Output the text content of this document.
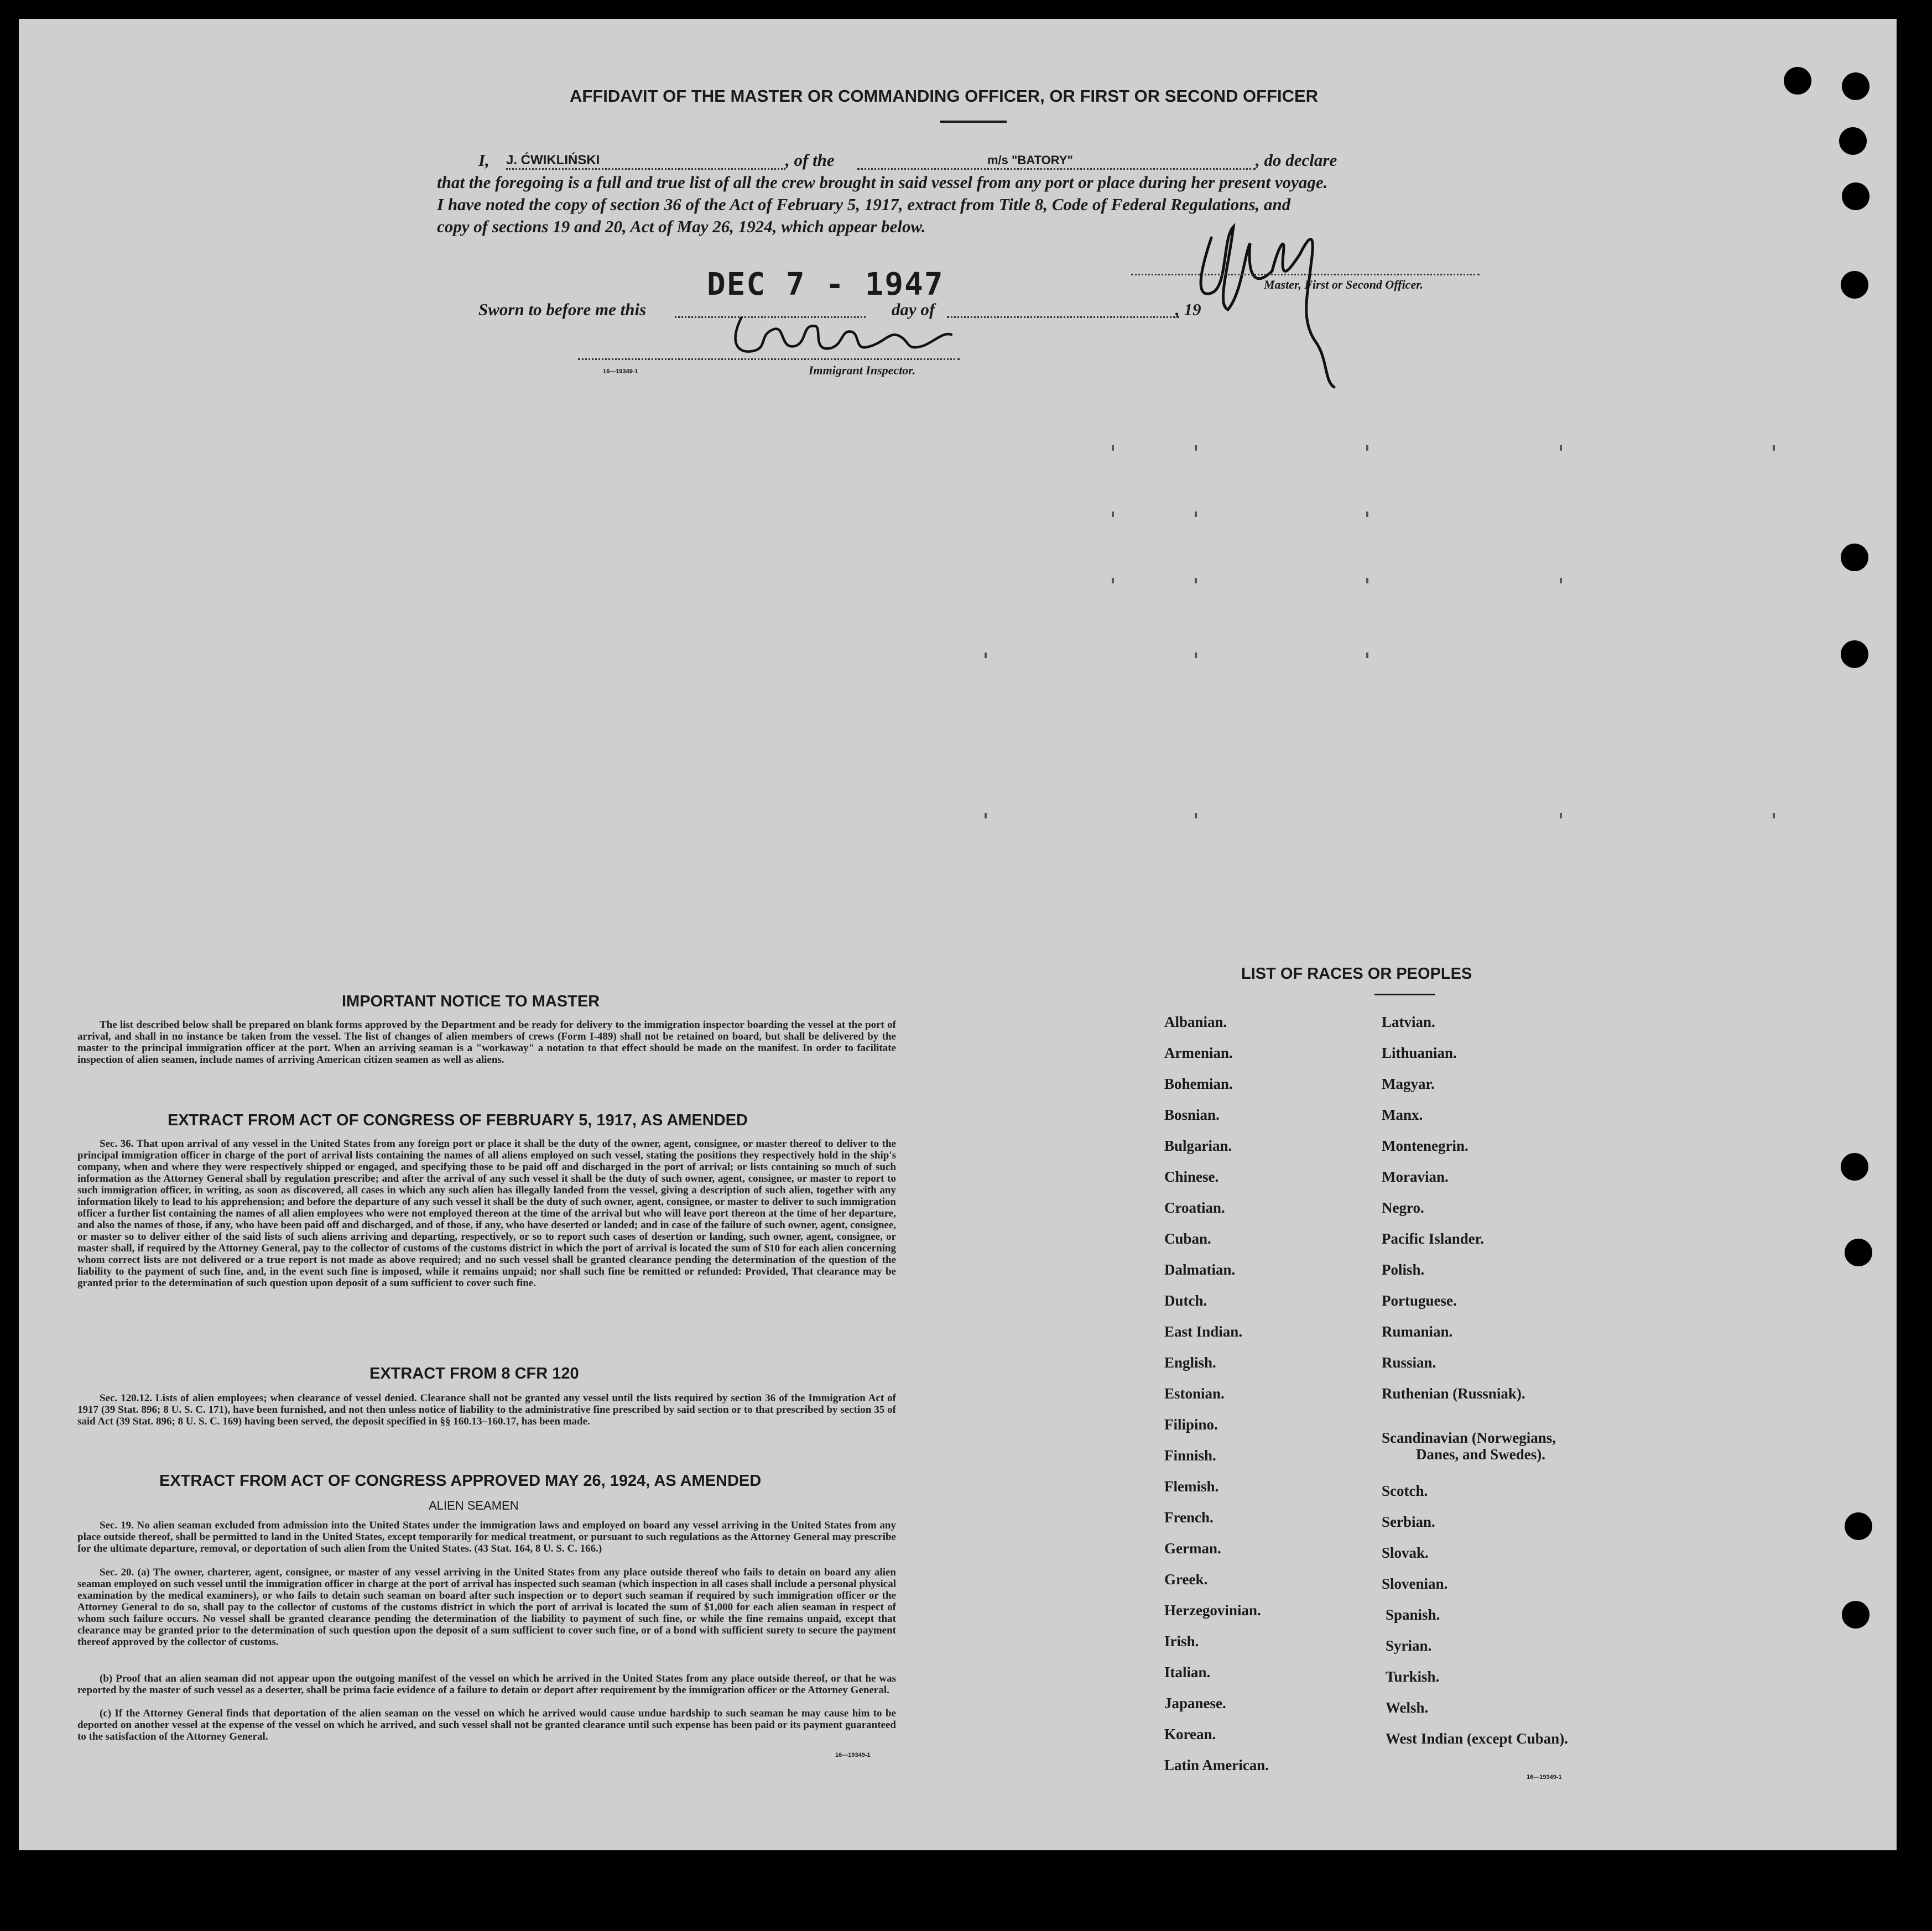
AFFIDAVIT OF THE MASTER OR COMMANDING OFFICER, OR FIRST OR SECOND OFFICER
I, J. ĆWIKLIŃSKI	, of the	m/s "BATORY"	, do declare
that the foregoing is a full and true list of all the crew brought in said vessel from any port or place during her present voyage.
I have noted the copy of section 36 of the Act of February 5, 1917, extract from Title 8, Code of Federal Regulations, and
copy of sections 19 and 20, Act of May 26, 1924, which appear below.
Master, First or Second Officer.
Sworn to before me this
DEC 7 - 1947
day of	, 19
16—19349-1	Immigrant Inspector.
IMPORTANT NOTICE TO MASTER
The list described below shall be prepared on blank forms approved by the Department and be ready for delivery to the immigration inspector boarding the vessel at the port of arrival, and shall in no instance be taken from the vessel. The list of changes of alien members of crews (Form I-489) shall not be retained on board, but shall be delivered by the master to the principal immigration officer at the port. When an arriving seaman is a "workaway" a notation to that effect should be made on the manifest. In order to facilitate inspection of alien seamen, include names of arriving American citizen seamen as well as aliens.
EXTRACT FROM ACT OF CONGRESS OF FEBRUARY 5, 1917, AS AMENDED
Sec. 36. That upon arrival of any vessel in the United States from any foreign port or place it shall be the duty of the owner, agent, consignee, or master thereof to deliver to the principal immigration officer in charge of the port of arrival lists containing the names of all aliens employed on such vessel, stating the positions they respectively hold in the ship's company, when and where they were respectively shipped or engaged, and specifying those to be paid off and discharged in the port of arrival; or lists containing so much of such information as the Attorney General shall by regulation prescribe; and after the arrival of any such vessel it shall be the duty of such owner, agent, consignee, or master to report to such immigration officer, in writing, as soon as discovered, all cases in which any such alien has illegally landed from the vessel, giving a description of such alien, together with any information likely to lead to his apprehension; and before the departure of any such vessel it shall be the duty of such owner, agent, consignee, or master to deliver to such immigration officer a further list containing the names of all alien employees who were not employed thereon at the time of the arrival but who will leave port thereon at the time of her departure, and also the names of those, if any, who have been paid off and discharged, and of those, if any, who have deserted or landed; and in case of the failure of such owner, agent, consignee, or master so to deliver either of the said lists of such aliens arriving and departing, respectively, or so to report such cases of desertion or landing, such owner, agent, consignee, or master shall, if required by the Attorney General, pay to the collector of customs of the customs district in which the port of arrival is located the sum of $10 for each alien concerning whom correct lists are not delivered or a true report is not made as above required; and no such vessel shall be granted clearance pending the determination of the question of the liability to the payment of such fine, and, in the event such fine is imposed, while it remains unpaid; nor shall such fine be remitted or refunded: Provided, That clearance may be granted prior to the determination of such question upon deposit of a sum sufficient to cover such fine.
EXTRACT FROM 8 CFR 120
Sec. 120.12. Lists of alien employees; when clearance of vessel denied. Clearance shall not be granted any vessel until the lists required by section 36 of the Immigration Act of 1917 (39 Stat. 896; 8 U. S. C. 171), have been furnished, and not then unless notice of liability to the administrative fine prescribed by said section or to that prescribed by section 35 of said Act (39 Stat. 896; 8 U. S. C. 169) having been served, the deposit specified in §§ 160.13–160.17, has been made.
EXTRACT FROM ACT OF CONGRESS APPROVED MAY 26, 1924, AS AMENDED
ALIEN SEAMEN
Sec. 19. No alien seaman excluded from admission into the United States under the immigration laws and employed on board any vessel arriving in the United States from any place outside thereof, shall be permitted to land in the United States, except temporarily for medical treatment, or pursuant to such regulations as the Attorney General may prescribe for the ultimate departure, removal, or deportation of such alien from the United States. (43 Stat. 164, 8 U. S. C. 166.)
Sec. 20. (a) The owner, charterer, agent, consignee, or master of any vessel arriving in the United States from any place outside thereof who fails to detain on board any alien seaman employed on such vessel until the immigration officer in charge at the port of arrival has inspected such seaman (which inspection in all cases shall include a personal physical examination by the medical examiners), or who fails to detain such seaman on board after such inspection or to deport such seaman if required by such immigration officer or the Attorney General to do so, shall pay to the collector of customs of the customs district in which the port of arrival is located the sum of $1,000 for each alien seaman in respect of whom such failure occurs. No vessel shall be granted clearance pending the determination of the liability to payment of such fine, or while the fine remains unpaid, except that clearance may be granted prior to the determination of such question upon the deposit of a sum sufficient to cover such fine, or of a bond with sufficient surety to secure the payment thereof approved by the collector of customs.
(b) Proof that an alien seaman did not appear upon the outgoing manifest of the vessel on which he arrived in the United States from any place outside thereof, or that he was reported by the master of such vessel as a deserter, shall be prima facie evidence of a failure to detain or deport after requirement by the immigration officer or the Attorney General.
(c) If the Attorney General finds that deportation of the alien seaman on the vessel on which he arrived would cause undue hardship to such seaman he may cause him to be deported on another vessel at the expense of the vessel on which he arrived, and such vessel shall not be granted clearance until such expense has been paid or its payment guaranteed to the satisfaction of the Attorney General.
16—19349-1
LIST OF RACES OR PEOPLES
Albanian.
Armenian.
Bohemian.
Bosnian.
Bulgarian.
Chinese.
Croatian.
Cuban.
Dalmatian.
Dutch.
East Indian.
English.
Estonian.
Filipino.
Finnish.
Flemish.
French.
German.
Greek.
Herzegovinian.
Irish.
Italian.
Japanese.
Korean.
Latin American.
Latvian.
Lithuanian.
Magyar.
Manx.
Montenegrin.
Moravian.
Negro.
Pacific Islander.
Polish.
Portuguese.
Rumanian.
Russian.
Ruthenian (Russniak).
Scandinavian (Norwegians,
Danes, and Swedes).
Scotch.
Serbian.
Slovak.
Slovenian.
Spanish.
Syrian.
Turkish.
Welsh.
West Indian (except Cuban).
16—19349-1
